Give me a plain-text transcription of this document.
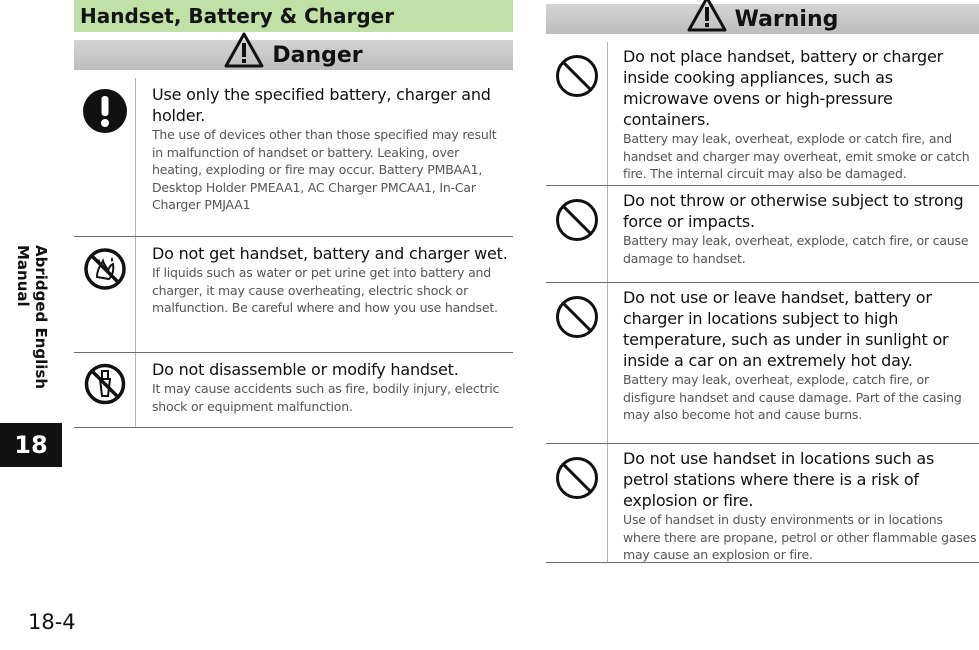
Abridged English Manual
18
18-4
Handset, Battery & Charger
Danger
Use only the specified battery, charger and holder.
The use of devices other than those specified may result in malfunction of handset or battery. Leaking, over heating, exploding or fire may occur. Battery PMBAA1, Desktop Holder PMEAA1, AC Charger PMCAA1, In-Car Charger PMJAA1
Do not get handset, battery and charger wet.
If liquids such as water or pet urine get into battery and charger, it may cause overheating, electric shock or malfunction. Be careful where and how you use handset.
Do not disassemble or modify handset.
It may cause accidents such as fire, bodily injury, electric shock or equipment malfunction.
Warning
Do not place handset, battery or charger inside cooking appliances, such as microwave ovens or high-pressure containers.
Battery may leak, overheat, explode or catch fire, and handset and charger may overheat, emit smoke or catch fire. The internal circuit may also be damaged.
Do not throw or otherwise subject to strong force or impacts.
Battery may leak, overheat, explode, catch fire, or cause damage to handset.
Do not use or leave handset, battery or charger in locations subject to high temperature, such as under in sunlight or inside a car on an extremely hot day.
Battery may leak, overheat, explode, catch fire, or disfigure handset and cause damage. Part of the casing may also become hot and cause burns.
Do not use handset in locations such as petrol stations where there is a risk of explosion or fire.
Use of handset in dusty environments or in locations where there are propane, petrol or other flammable gases may cause an explosion or fire.
